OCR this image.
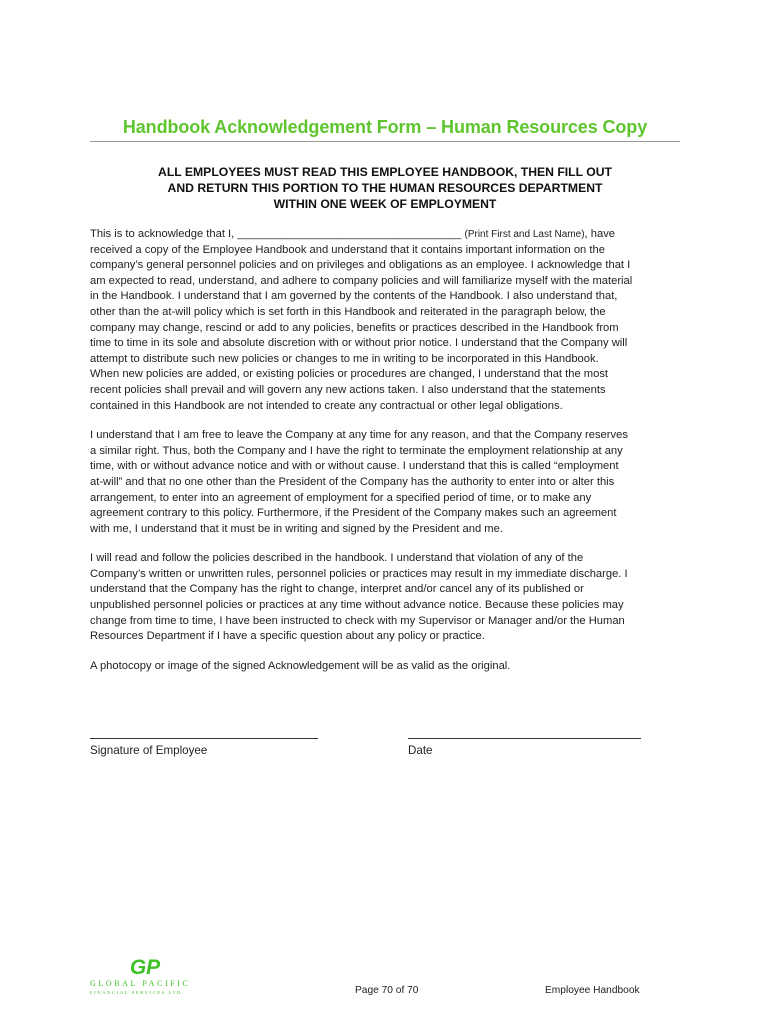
Handbook Acknowledgement Form – Human Resources Copy
ALL EMPLOYEES MUST READ THIS EMPLOYEE HANDBOOK, THEN FILL OUT
AND RETURN THIS PORTION TO THE HUMAN RESOURCES DEPARTMENT
WITHIN ONE WEEK OF EMPLOYMENT
This is to acknowledge that I, ____________________________________ (Print First and Last Name), have
received a copy of the Employee Handbook and understand that it contains important information on the
company’s general personnel policies and on privileges and obligations as an employee. I acknowledge that I
am expected to read, understand, and adhere to company policies and will familiarize myself with the material
in the Handbook. I understand that I am governed by the contents of the Handbook. I also understand that,
other than the at-will policy which is set forth in this Handbook and reiterated in the paragraph below, the
company may change, rescind or add to any policies, benefits or practices described in the Handbook from
time to time in its sole and absolute discretion with or without prior notice. I understand that the Company will
attempt to distribute such new policies or changes to me in writing to be incorporated in this Handbook.
When new policies are added, or existing policies or procedures are changed, I understand that the most
recent policies shall prevail and will govern any new actions taken. I also understand that the statements
contained in this Handbook are not intended to create any contractual or other legal obligations.
I understand that I am free to leave the Company at any time for any reason, and that the Company reserves
a similar right. Thus, both the Company and I have the right to terminate the employment relationship at any
time, with or without advance notice and with or without cause. I understand that this is called “employment
at-will” and that no one other than the President of the Company has the authority to enter into or alter this
arrangement, to enter into an agreement of employment for a specified period of time, or to make any
agreement contrary to this policy. Furthermore, if the President of the Company makes such an agreement
with me, I understand that it must be in writing and signed by the President and me.
I will read and follow the policies described in the handbook. I understand that violation of any of the
Company’s written or unwritten rules, personnel policies or practices may result in my immediate discharge. I
understand that the Company has the right to change, interpret and/or cancel any of its published or
unpublished personnel policies or practices at any time without advance notice. Because these policies may
change from time to time, I have been instructed to check with my Supervisor or Manager and/or the Human
Resources Department if I have a specific question about any policy or practice.
A photocopy or image of the signed Acknowledgement will be as valid as the original.
Signature of Employee	Date
GP
GLOBAL PACIFIC
FINANCIAL SERVICES LTD.	Page 70 of 70	Employee Handbook
